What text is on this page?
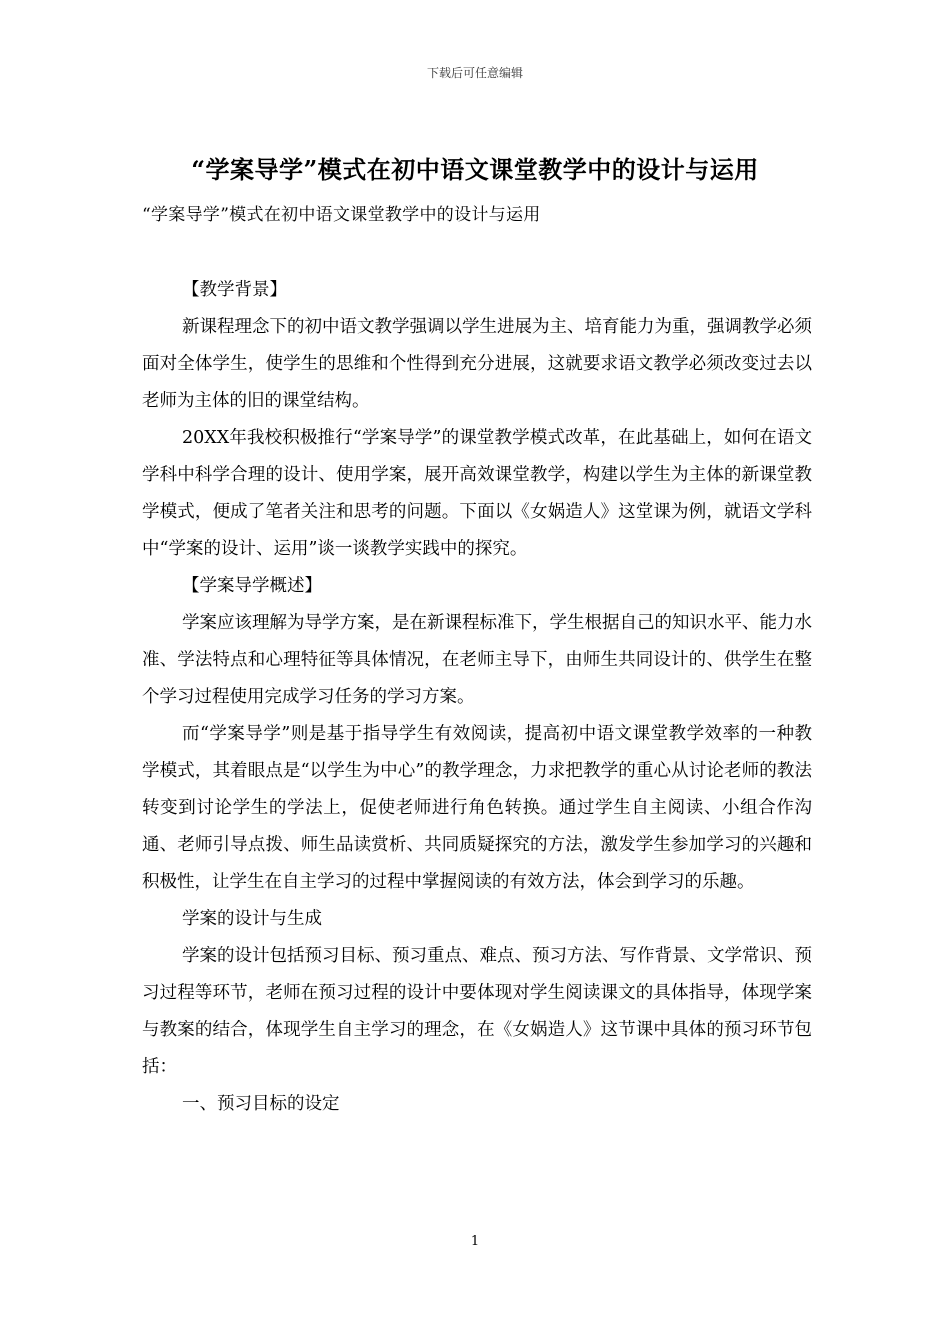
下载后可任意编辑
“学案导学”模式在初中语文课堂教学中的设计与运用
“学案导学”模式在初中语文课堂教学中的设计与运用

【教学背景】

新课程理念下的初中语文教学强调以学生进展为主、培育能力为重，强调教学必须面对全体学生，使学生的思维和个性得到充分进展，这就要求语文教学必须改变过去以老师为主体的旧的课堂结构。

20XX年我校积极推行“学案导学”的课堂教学模式改革，在此基础上，如何在语文学科中科学合理的设计、使用学案，展开高效课堂教学，构建以学生为主体的新课堂教学模式，便成了笔者关注和思考的问题。下面以《女娲造人》这堂课为例，就语文学科中“学案的设计、运用”谈一谈教学实践中的探究。

【学案导学概述】

学案应该理解为导学方案，是在新课程标准下，学生根据自己的知识水平、能力水准、学法特点和心理特征等具体情况，在老师主导下，由师生共同设计的、供学生在整个学习过程使用完成学习任务的学习方案。

而“学案导学”则是基于指导学生有效阅读，提高初中语文课堂教学效率的一种教学模式，其着眼点是“以学生为中心”的教学理念，力求把教学的重心从讨论老师的教法转变到讨论学生的学法上，促使老师进行角色转换。通过学生自主阅读、小组合作沟通、老师引导点拨、师生品读赏析、共同质疑探究的方法，激发学生参加学习的兴趣和积极性，让学生在自主学习的过程中掌握阅读的有效方法，体会到学习的乐趣。

学案的设计与生成

学案的设计包括预习目标、预习重点、难点、预习方法、写作背景、文学常识、预习过程等环节，老师在预习过程的设计中要体现对学生阅读课文的具体指导，体现学案与教案的结合，体现学生自主学习的理念，在《女娲造人》这节课中具体的预习环节包括：

一、预习目标的设定

1
